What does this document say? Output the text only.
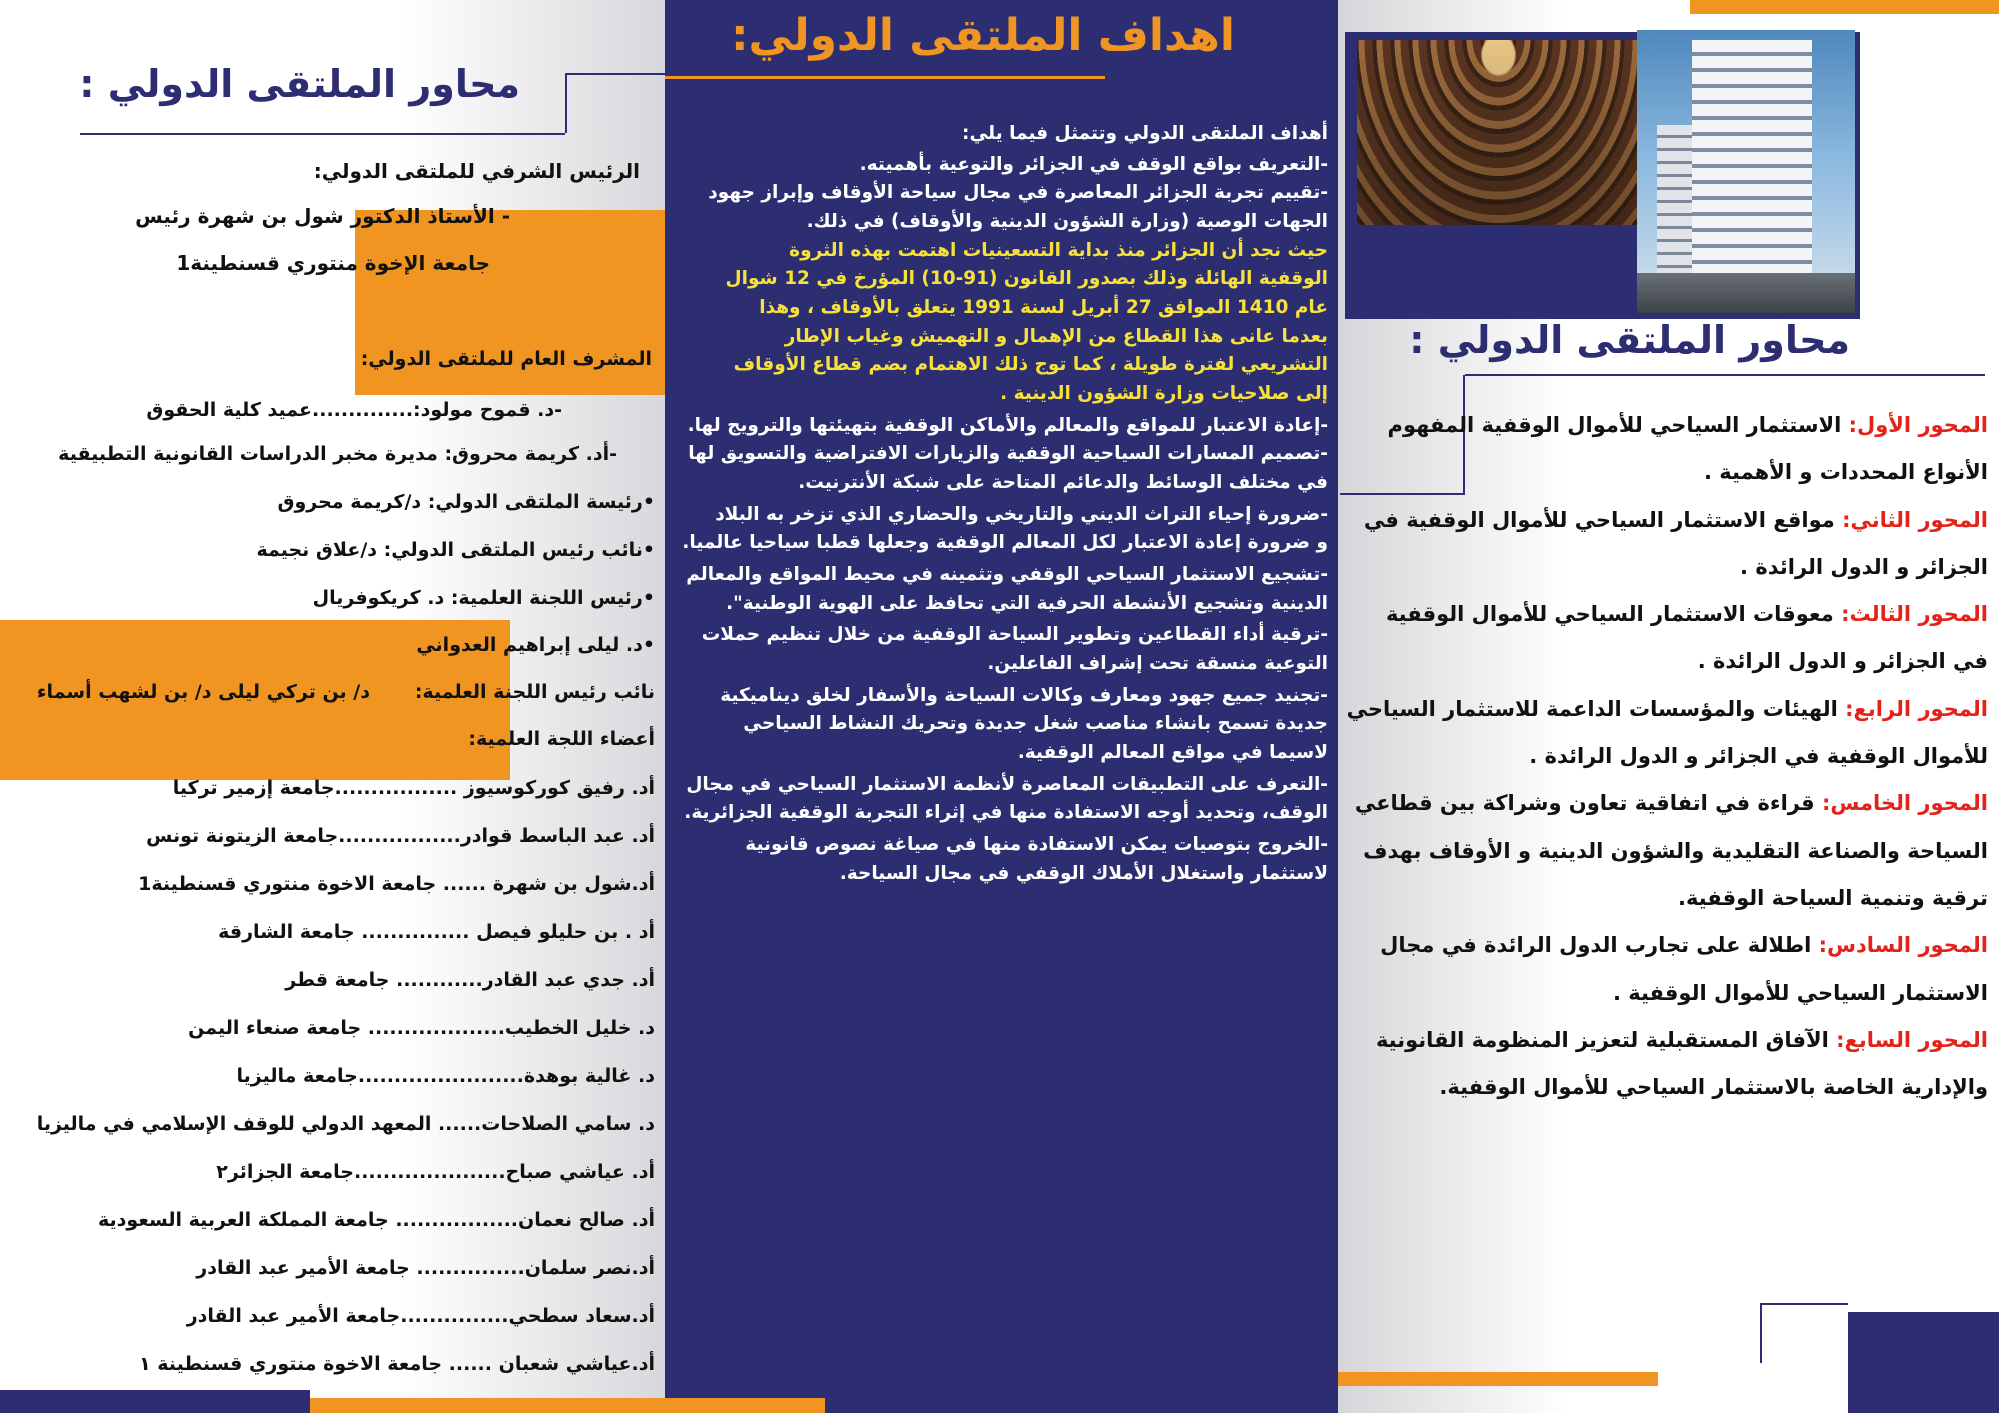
محاور الملتقى الدولي :
اهداف الملتقى الدولي:
محاور الملتقى الدولي :
الرئيس الشرفي للملتقى الدولي:
- الأستاذ الدكتور شول بن شهرة رئيس
جامعة الإخوة منتوري قسنطينة1
المشرف العام للملتقى الدولي:
-د. قموح مولود:..............عميد كلية الحقوق
-أد. كريمة محروق: مديرة مخبر الدراسات القانونية التطبيقية
•رئيسة الملتقى الدولي: د/كريمة محروق
•نائب رئيس الملتقى الدولي: د/علاق نجيمة
•رئيس اللجنة العلمية: د. كريكوفريال
•د. ليلى إبراهيم العدواني
نائب رئيس اللجنة العلمية:
د/ بن تركي ليلى د/ بن لشهب أسماء
أعضاء اللجة العلمية:
أد. رفيق كوركوسيوز .................جامعة إزمير تركيا
أد. عبد الباسط قوادر.................جامعة الزيتونة تونس
أد.شول بن شهرة ...... جامعة الاخوة منتوري قسنطينة1
أد . بن حليلو فيصل ............... جامعة الشارقة
أد. جدي عبد القادر............ جامعة قطر
د. خليل الخطيب................... جامعة صنعاء اليمن
د. غالية بوهدة.......................جامعة ماليزيا
د. سامي الصلاحات...... المعهد الدولي للوقف الإسلامي في ماليزيا
أد. عياشي صباح.....................جامعة الجزائر٢
أد. صالح نعمان................. جامعة المملكة العربية السعودية
أد.نصر سلمان............... جامعة الأمير عبد القادر
أد.سعاد سطحي...............جامعة الأمير عبد القادر
أد.عياشي شعبان ...... جامعة الاخوة منتوري قسنطينة ١
أهداف الملتقى الدولي وتتمثل فيما يلي:
-التعريف بواقع الوقف في الجزائر والتوعية بأهميته.
-تقييم تجربة الجزائر المعاصرة في مجال سياحة الأوقاف وإبراز جهود
الجهات الوصية (وزارة الشؤون الدينية والأوقاف) في ذلك.
حيث نجد أن الجزائر منذ بداية التسعينيات اهتمت بهذه الثروة
الوقفية الهائلة وذلك بصدور القانون (91-10) المؤرخ في 12 شوال
عام 1410 الموافق 27 أبريل لسنة 1991 يتعلق بالأوقاف ، وهذا
بعدما عانى هذا القطاع من الإهمال و التهميش وغياب الإطار
التشريعي لفترة طويلة ، كما توج ذلك الاهتمام بضم قطاع الأوقاف
إلى صلاحيات وزارة الشؤون الدينية .
-إعادة الاعتبار للمواقع والمعالم والأماكن الوقفية بتهيئتها والترويج لها.
-تصميم المسارات السياحية الوقفية والزيارات الافتراضية والتسويق لها
في مختلف الوسائط والدعائم المتاحة على شبكة الأنترنيت.
-ضرورة إحياء التراث الديني والتاريخي والحضاري الذي تزخر به البلاد
و ضرورة إعادة الاعتبار لكل المعالم الوقفية وجعلها قطبا سياحيا عالميا.
-تشجيع الاستثمار السياحي الوقفي وتثمينه في محيط المواقع والمعالم
الدينية وتشجيع الأنشطة الحرفية التي تحافظ على الهوية الوطنية".
-ترقية أداء القطاعين وتطوير السياحة الوقفية من خلال تنظيم حملات
التوعية منسقة تحت إشراف الفاعلين.
-تجنيد جميع جهود ومعارف وكالات السياحة والأسفار لخلق ديناميكية
جديدة تسمح بانشاء مناصب شغل جديدة وتحريك النشاط السياحي
لاسيما في مواقع المعالم الوقفية.
-التعرف على التطبيقات المعاصرة لأنظمة الاستثمار السياحي في مجال
الوقف، وتحديد أوجه الاستفادة منها في إثراء التجربة الوقفية الجزائرية.
-الخروج بتوصيات يمكن الاستفادة منها في صياغة نصوص قانونية
لاستثمار واستغلال الأملاك الوقفي في مجال السياحة.
المحور الأول: الاستثمار السياحي للأموال الوقفية المفهوم
الأنواع المحددات و الأهمية .
المحور الثاني: مواقع الاستثمار السياحي للأموال الوقفية في
الجزائر و الدول الرائدة .
المحور الثالث: معوقات الاستثمار السياحي للأموال الوقفية
في الجزائر و الدول الرائدة .
المحور الرابع: الهيئات والمؤسسات الداعمة للاستثمار السياحي
للأموال الوقفية في الجزائر و الدول الرائدة .
المحور الخامس: قراءة في اتفاقية تعاون وشراكة بين قطاعي
السياحة والصناعة التقليدية والشؤون الدينية و الأوقاف بهدف
ترقية وتنمية السياحة الوقفية.
المحور السادس: اطلالة على تجارب الدول الرائدة في مجال
الاستثمار السياحي للأموال الوقفية .
المحور السابع: الآفاق المستقبلية لتعزيز المنظومة القانونية
والإدارية الخاصة بالاستثمار السياحي للأموال الوقفية.
